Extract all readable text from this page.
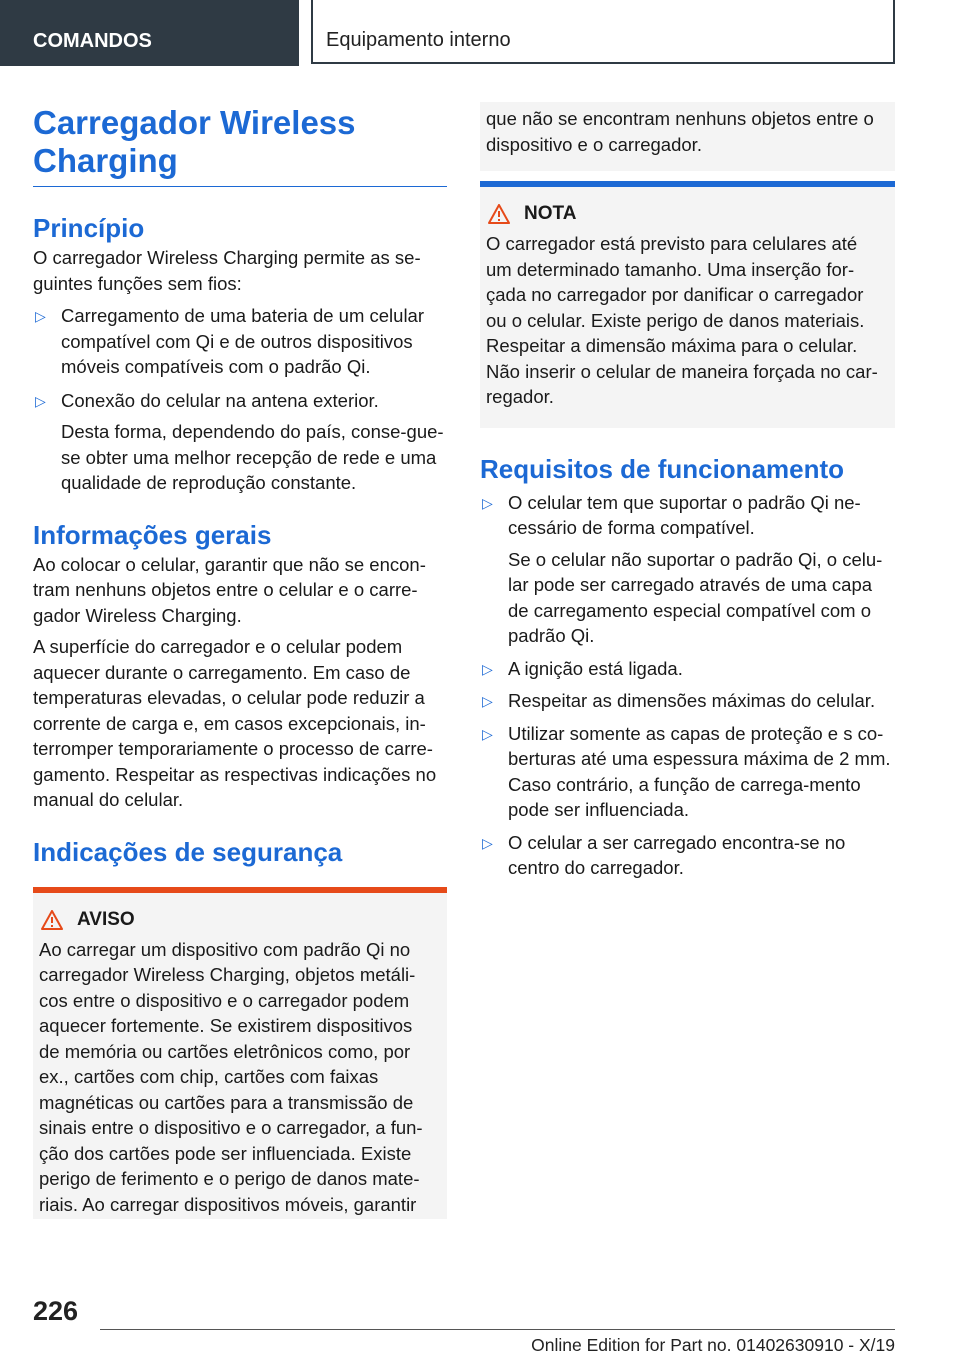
COMANDOS	Equipamento interno
Carregador Wireless
Charging
Princípio

O carregador Wireless Charging permite as se-guintes funções sem fios:

▷ Carregamento de uma bateria de um celular compatível com Qi e de outros dispositivos móveis compatíveis com o padrão Qi.
▷ Conexão do celular na antena exterior.
Desta forma, dependendo do país, conse-gue-se obter uma melhor recepção de rede e uma qualidade de reprodução constante.
Informações gerais

Ao colocar o celular, garantir que não se encon-tram nenhuns objetos entre o celular e o carre-gador Wireless Charging.

A superfície do carregador e o celular podem aquecer durante o carregamento. Em caso de temperaturas elevadas, o celular pode reduzir a corrente de carga e, em casos excepcionais, in-terromper temporariamente o processo de carre-gamento. Respeitar as respectivas indicações no manual do celular.

Indicações de segurança
AVISO

Ao carregar um dispositivo com padrão Qi no carregador Wireless Charging, objetos metáli-cos entre o dispositivo e o carregador podem aquecer fortemente. Se existirem dispositivos de memória ou cartões eletrônicos como, por ex., cartões com chip, cartões com faixas magnéticas ou cartões para a transmissão de sinais entre o dispositivo e o carregador, a fun-ção dos cartões pode ser influenciada. Existe perigo de ferimento e o perigo de danos mate-riais. Ao carregar dispositivos móveis, garantir

que não se encontram nenhuns objetos entre o dispositivo e o carregador.

NOTA

O carregador está previsto para celulares até um determinado tamanho. Uma inserção for-çada no carregador por danificar o carregador ou o celular. Existe perigo de danos materiais. Respeitar a dimensão máxima para o celular. Não inserir o celular de maneira forçada no car-regador.

Requisitos de funcionamento
▷ O celular tem que suportar o padrão Qi ne-cessário de forma compatível.
Se o celular não suportar o padrão Qi, o celu-lar pode ser carregado através de uma capa de carregamento especial compatível com o padrão Qi.
▷ A ignição está ligada.
▷ Respeitar as dimensões máximas do celular.
▷ Utilizar somente as capas de proteção e s co-berturas até uma espessura máxima de 2 mm. Caso contrário, a função de carrega-mento pode ser influenciada.
▷ O celular a ser carregado encontra-se no centro do carregador.
226
Online Edition for Part no. 01402630910 - X/19
